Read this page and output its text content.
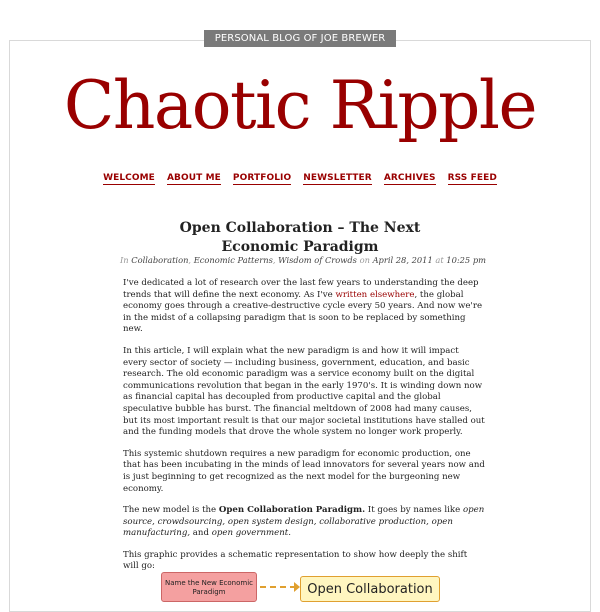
PERSONAL BLOG OF JOE BREWER
Chaotic Ripple
WELCOME ABOUT ME PORTFOLIO NEWSLETTER ARCHIVES RSS FEED
Open Collaboration – The Next Economic Paradigm
In Collaboration, Economic Patterns, Wisdom of Crowds on April 28, 2011 at 10:25 pm

I've dedicated a lot of research over the last few years to understanding the deep trends that will define the next economy. As I've written elsewhere, the global economy goes through a creative-destructive cycle every 50 years. And now we're in the midst of a collapsing paradigm that is soon to be replaced by something new.

In this article, I will explain what the new paradigm is and how it will impact every sector of society — including business, government, education, and basic research. The old economic paradigm was a service economy built on the digital communications revolution that began in the early 1970's. It is winding down now as financial capital has decoupled from productive capital and the global speculative bubble has burst. The financial meltdown of 2008 had many causes, but its most important result is that our major societal institutions have stalled out and the funding models that drove the whole system no longer work properly.

This systemic shutdown requires a new paradigm for economic production, one that has been incubating in the minds of lead innovators for several years now and is just beginning to get recognized as the next model for the burgeoning new economy.

The new model is the Open Collaboration Paradigm. It goes by names like open source, crowdsourcing, open system design, collaborative production, open manufacturing, and open government.

This graphic provides a schematic representation to show how deeply the shift will go:

Name the New Economic Paradigm	Open Collaboration
